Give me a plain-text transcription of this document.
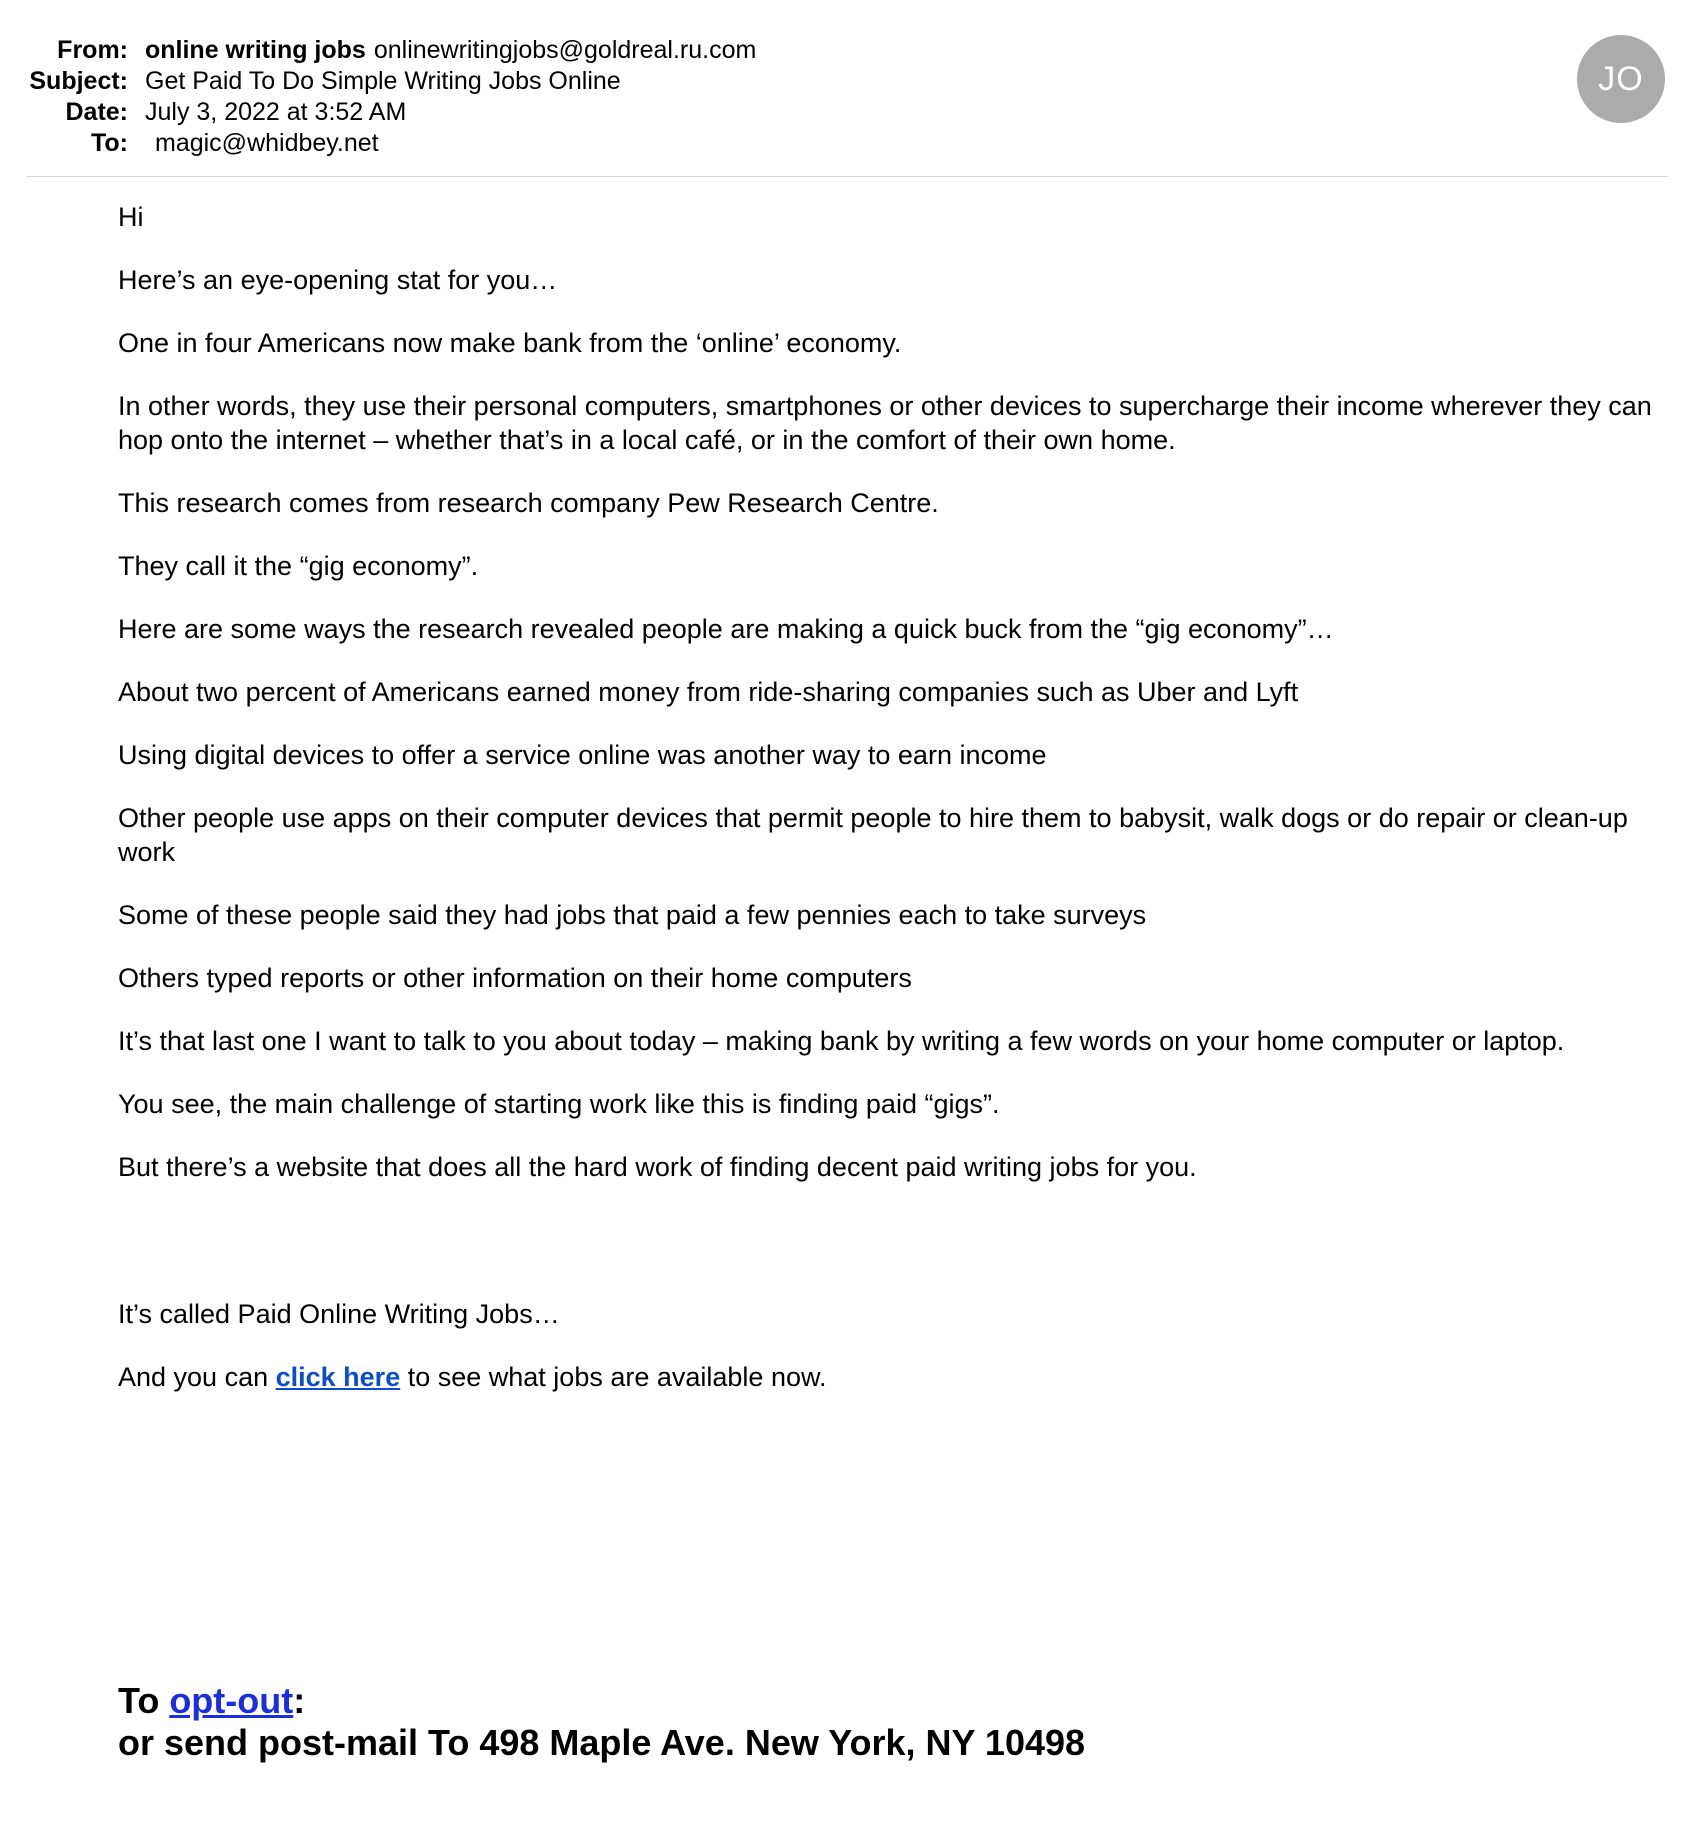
From: online writing jobs onlinewritingjobs@goldreal.ru.com
Subject: Get Paid To Do Simple Writing Jobs Online
Date: July 3, 2022 at 3:52 AM
To: magic@whidbey.net
JO

Hi

Here’s an eye-opening stat for you…

One in four Americans now make bank from the ‘online’ economy.

In other words, they use their personal computers, smartphones or other devices to supercharge their income wherever they can hop onto the internet – whether that’s in a local café, or in the comfort of their own home.

This research comes from research company Pew Research Centre.

They call it the “gig economy”.

Here are some ways the research revealed people are making a quick buck from the “gig economy”…

About two percent of Americans earned money from ride-sharing companies such as Uber and Lyft

Using digital devices to offer a service online was another way to earn income

Other people use apps on their computer devices that permit people to hire them to babysit, walk dogs or do repair or clean-up work

Some of these people said they had jobs that paid a few pennies each to take surveys

Others typed reports or other information on their home computers

It’s that last one I want to talk to you about today – making bank by writing a few words on your home computer or laptop.

You see, the main challenge of starting work like this is finding paid “gigs”.

But there’s a website that does all the hard work of finding decent paid writing jobs for you.

It’s called Paid Online Writing Jobs…

And you can click here to see what jobs are available now.

To opt-out:
or send post-mail To 498 Maple Ave. New York, NY 10498
